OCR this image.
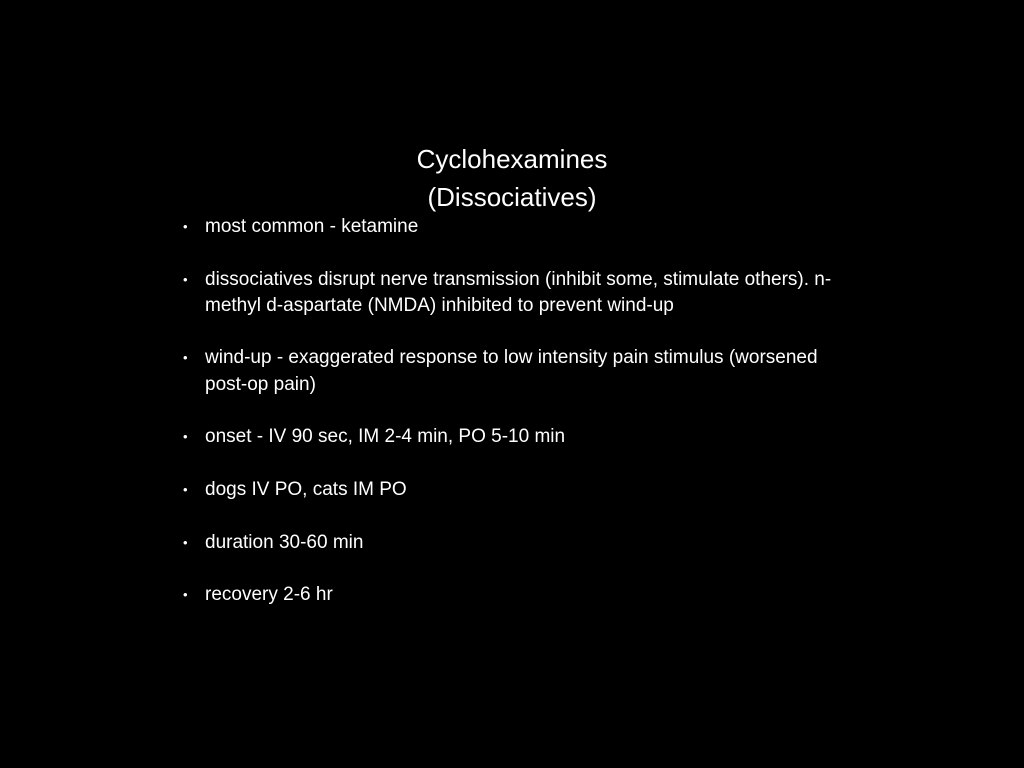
Cyclohexamines
(Dissociatives)
• most common - ketamine
• dissociatives disrupt nerve transmission (inhibit some, stimulate others). n-methyl d-aspartate (NMDA) inhibited to prevent wind-up
• wind-up - exaggerated response to low intensity pain stimulus (worsened post-op pain)
• onset - IV 90 sec, IM 2-4 min, PO 5-10 min
• dogs IV PO, cats IM PO
• duration 30-60 min
• recovery 2-6 hr
